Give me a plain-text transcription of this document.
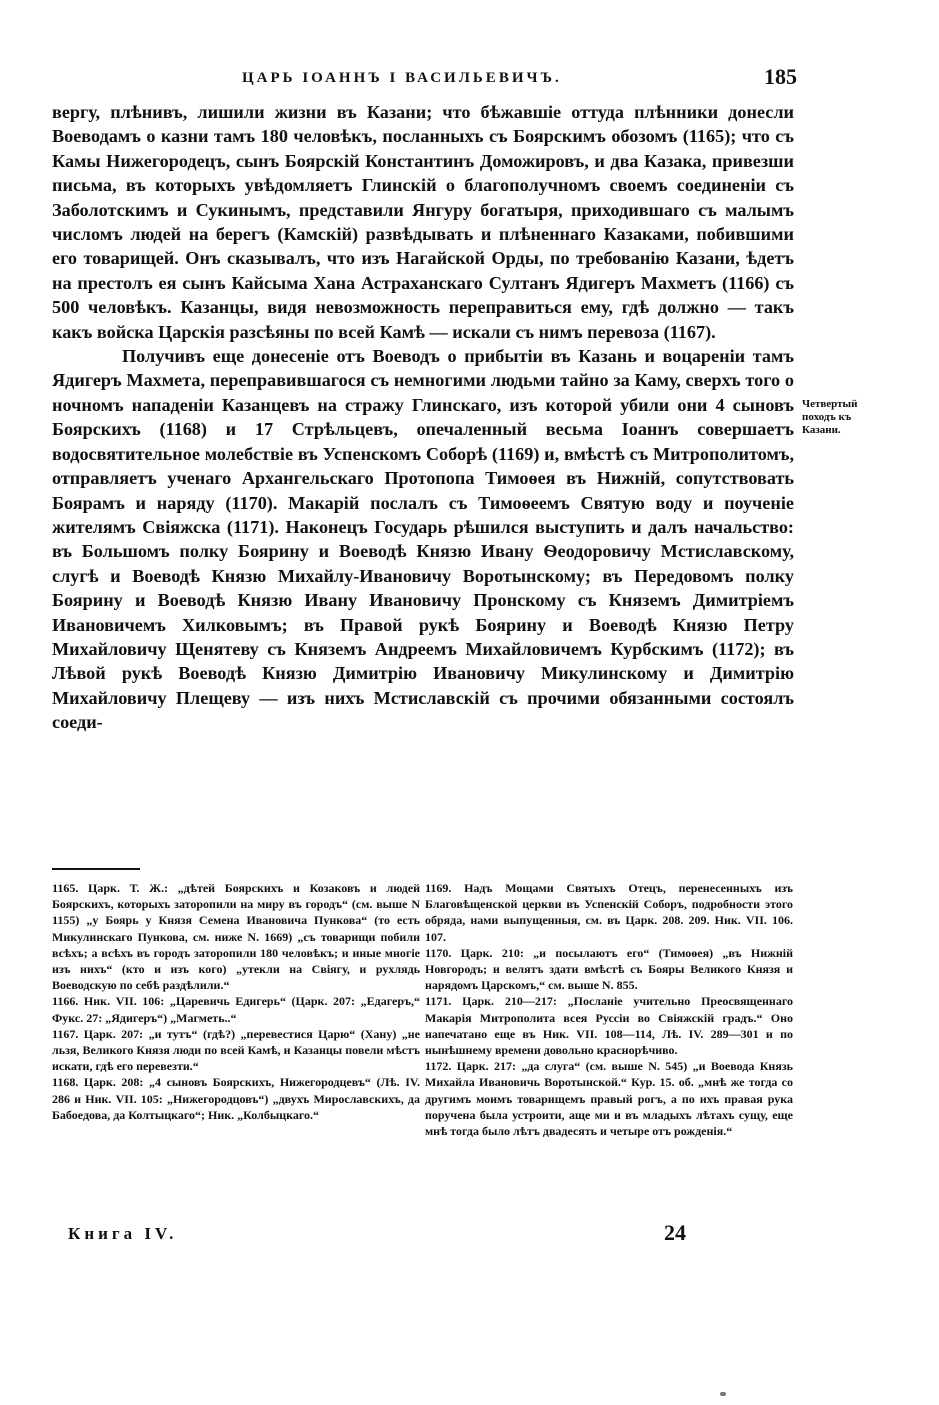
ЦАРЬ ІОАННЪ І ВАСИЛЬЕВИЧЪ.	185

вергу, плѣнивъ, лишили жизни въ Казани; что бѣжавшіе оттуда плѣнники донесли Воеводамъ о казни тамъ 180 человѣкъ, посланныхъ съ Боярскимъ обозомъ (1165); что съ Камы Нижегородецъ, сынъ Боярскій Константинъ Доможировъ, и два Казака, привезши письма, въ которыхъ увѣдомляетъ Глинскій о благополучномъ своемъ соединеніи съ Заболотскимъ и Сукинымъ, представили Янгуру богатыря, приходившаго съ малымъ числомъ людей на берегъ (Камскій) развѣдывать и плѣненнаго Казаками, побившими его товарищей. Онъ сказывалъ, что изъ Нагайской Орды, по требованію Казани, ѣдетъ на престолъ ея сынъ Кайсыма Хана Астраханскаго Султанъ Ядигеръ Махметъ (1166) съ 500 человѣкъ. Казанцы, видя невозможность переправиться ему, гдѣ должно — такъ какъ войска Царскія разсѣяны по всей Камѣ — искали съ нимъ перевоза (1167).

Получивъ еще донесеніе отъ Воеводъ о прибытіи въ Казань и воцареніи тамъ Ядигеръ Махмета, переправившагося съ немногими людьми тайно за Каму, сверхъ того о ночномъ нападеніи Казанцевъ на стражу Глинскаго, изъ которой убили они 4 сыновъ Боярскихъ (1168) и 17 Стрѣльцевъ, опечаленный весьма Іоаннъ совершаетъ водосвятительное молебствіе въ Успенскомъ Соборѣ (1169) и, вмѣстѣ съ Митрополитомъ, отправляетъ ученаго Архангельскаго Протопопа Тимоѳея въ Нижній, сопутствовать Боярамъ и наряду (1170). Макарій послалъ съ Тимоѳеемъ Святую воду и поученіе жителямъ Свіяжска (1171). Наконецъ Государь рѣшился выступить и далъ начальство: въ Большомъ полку Боярину и Воеводѣ Князю Ивану Ѳеодоровичу Мстиславскому, слугѣ и Воеводѣ Князю Михайлу-Ивановичу Воротынскому; въ Передовомъ полку Боярину и Воеводѣ Князю Ивану Ивановичу Пронскому съ Княземъ Димитріемъ Ивановичемъ Хилковымъ; въ Правой рукѣ Боярину и Воеводѣ Князю Петру Михайловичу Щенятеву съ Княземъ Андреемъ Михайловичемъ Курбскимъ (1172); въ Лѣвой рукѣ Воеводѣ Князю Димитрію Ивановичу Микулинскому и Димитрію Михайловичу Плещеву — изъ нихъ Мстиславскій съ прочими обязанными состоялъ соеди-

Четвертый походъ къ Казани.

1165. Царк. Т. Ж.: „дѣтей Боярскихъ и Козаковъ и людей Боярскихъ, которыхъ заторопили на миру въ городъ“ (см. выше N 1155) „у Боярь у Князя Семена Ивановича Пункова“ (то есть Микулинскаго Пункова, см. ниже N. 1669) „съ товарищи побили всѣхъ; а всѣхъ въ городъ заторопили 180 человѣкъ; и иные многіе изъ нихъ“ (кто и изъ кого) „утекли на Свіягу, и рухлядь Воеводскую по себѣ раздѣлили.“

1166. Ник. VII. 106: „Царевичь Едигерь“ (Царк. 207: „Едагеръ,“ Фукс. 27: „Ядигеръ“) „Магметь..“

1167. Царк. 207: „и тутъ“ (гдѣ?) „перевестися Царю“ (Хану) „не льзя, Великого Князя люди по всей Камѣ, и Казанцы повели мѣстъ искати, гдѣ его перевезти.“

1168. Царк. 208: „4 сыновъ Боярскихъ, Нижегородцевъ“ (Лѣ. IV. 286 и Ник. VII. 105: „Нижегородцовъ“) „двухъ Мирославскихъ, да Бабоедова, да Колтыцкаго“; Ник. „Колбыцкаго.“

1169. Надъ Мощами Святыхъ Отецъ, перенесенныхъ изъ Благовѣщенской церкви въ Успенскій Соборъ, подробности этого обряда, нами выпущенныя, см. въ Царк. 208. 209. Ник. VII. 106. 107.

1170. Царк. 210: „и посылаютъ его“ (Тимоѳея) „въ Нижній Новгородъ; и велятъ здати вмѣстѣ съ Бояры Великого Князя и нарядомъ Царскомъ,“ см. выше N. 855.

1171. Царк. 210—217: „Посланіе учительно Преосвященнаго Макарія Митрополита всея Руссіи во Свіяжскій градъ.“ Оно напечатано еще въ Ник. VII. 108—114, Лѣ. IV. 289—301 и по нынѣшнему времени довольно краснорѣчиво.

1172. Царк. 217: „да слуга“ (см. выше N. 545) „и Воевода Князь Михайла Ивановичь Воротынской.“ Кур. 15. об. „мнѣ же тогда со другимъ моимъ товарищемъ правый рогъ, а по ихъ правая рука поручена была устроити, аще ми и въ младыхъ лѣтахъ сущу, еще мнѣ тогда было лѣтъ двадесять и четыре отъ рожденія.“

Книга IV.	24
